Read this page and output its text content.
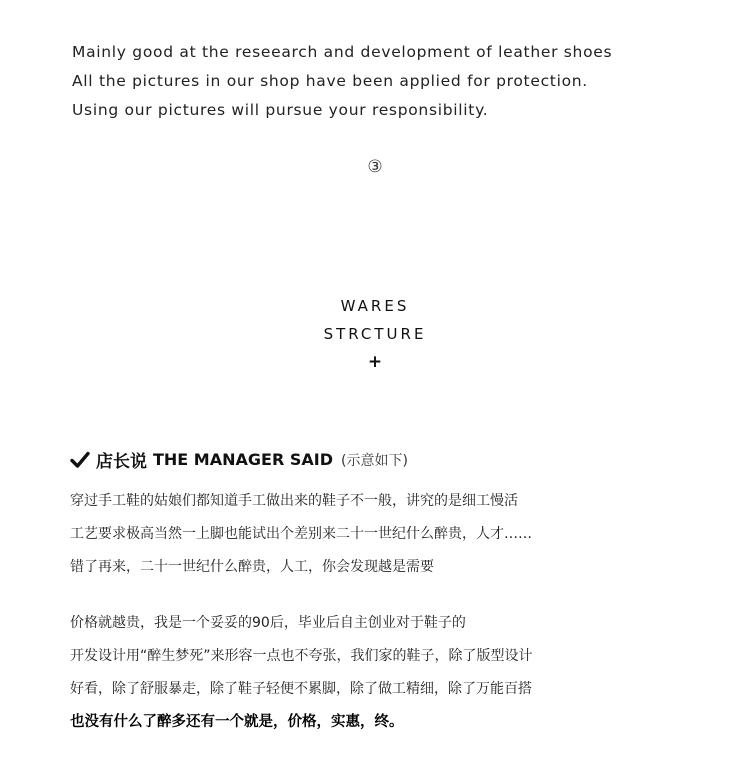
Mainly good at the reseearch and development of leather shoes
All the pictures in our shop have been applied for protection.
Using our pictures will pursue your responsibility.
③
WARES
STRCTURE
+
店长说 THE MANAGER SAID (示意如下)
穿过手工鞋的姑娘们都知道手工做出来的鞋子不一般，讲究的是细工慢活
工艺要求极高当然一上脚也能试出个差别来二十一世纪什么醉贵，人才……
错了再来，二十一世纪什么醉贵，人工，你会发现越是需要
价格就越贵，我是一个妥妥的90后，毕业后自主创业对于鞋子的
开发设计用“醉生梦死”来形容一点也不夸张，我们家的鞋子，除了版型设计
好看，除了舒服暴走，除了鞋子轻便不累脚，除了做工精细，除了万能百搭
也没有什么了醉多还有一个就是，价格，实惠，终。
